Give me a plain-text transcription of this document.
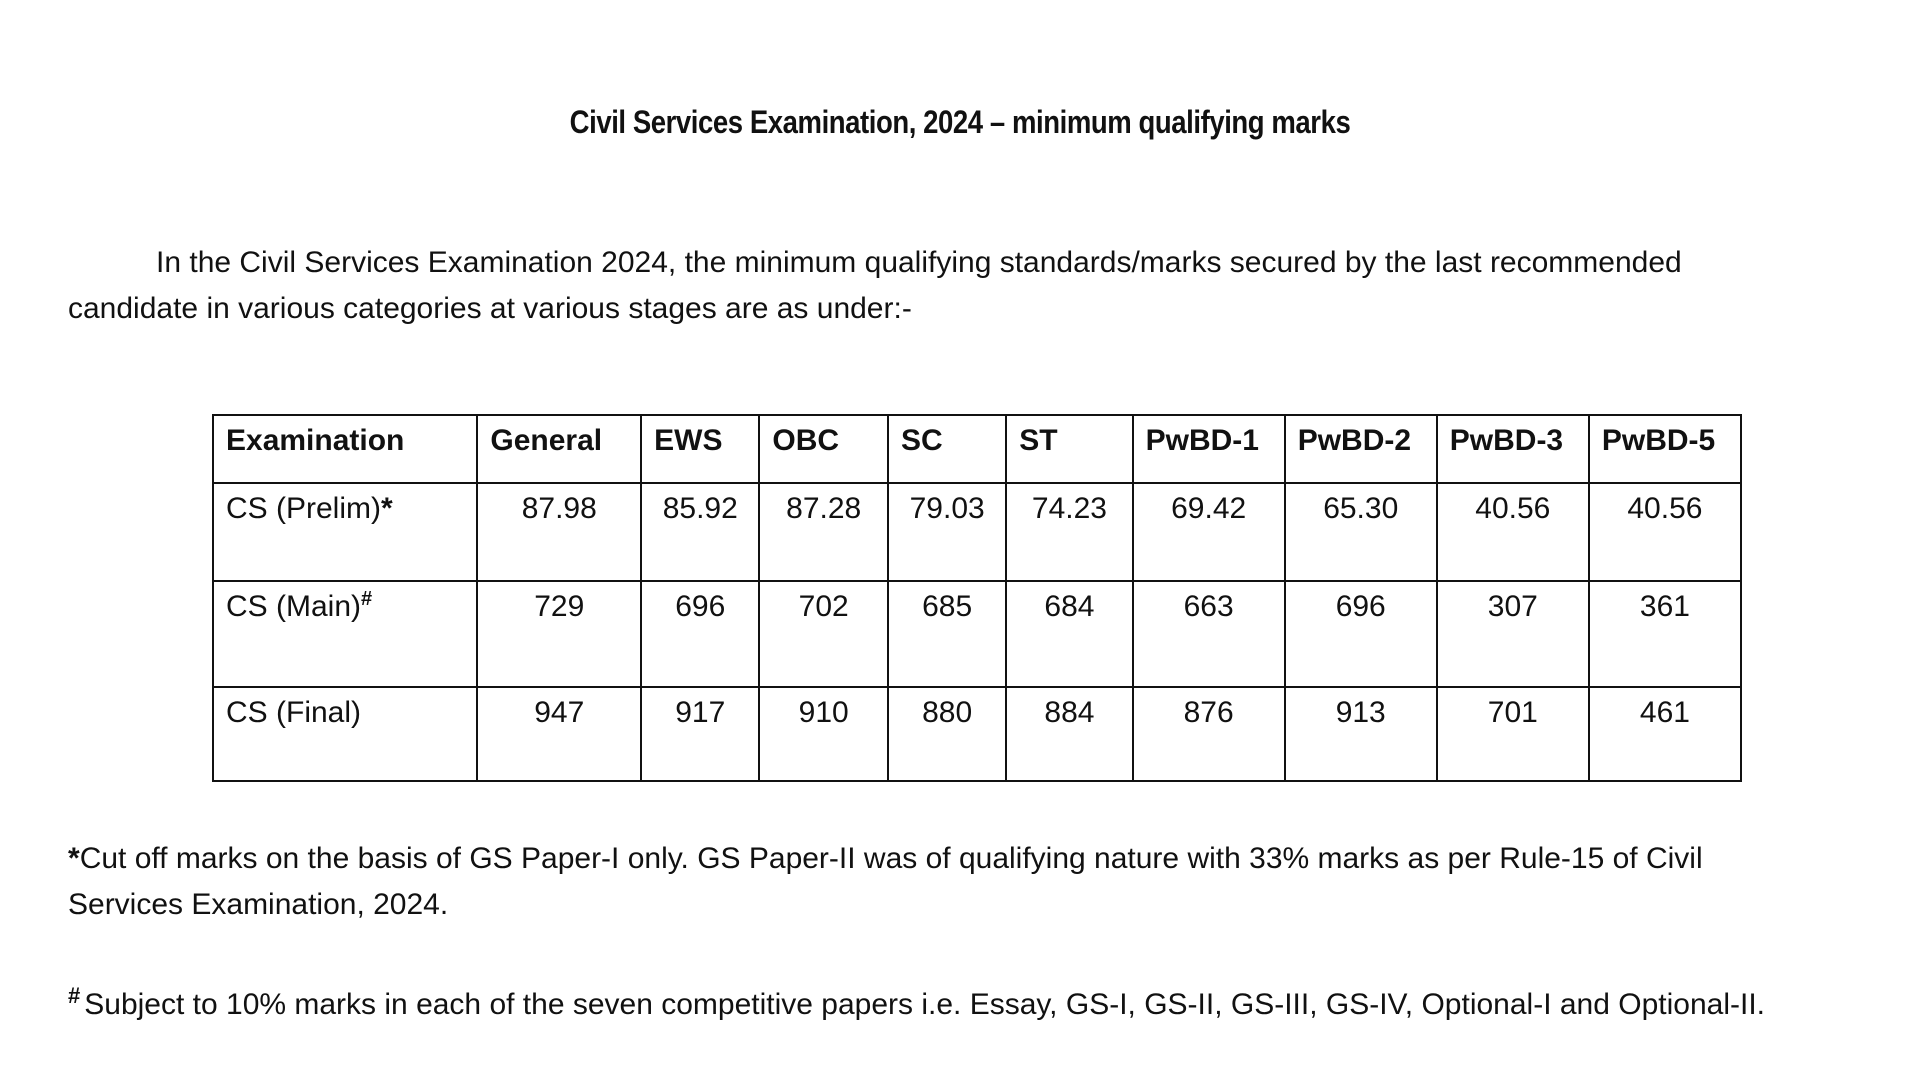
Civil Services Examination, 2024 – minimum qualifying marks

In the Civil Services Examination 2024, the minimum qualifying standards/marks secured by the last recommended candidate in various categories at various stages are as under:-

Examination	General	EWS	OBC	SC	ST	PwBD-1	PwBD-2	PwBD-3	PwBD-5
CS (Prelim)*	87.98	85.92	87.28	79.03	74.23	69.42	65.30	40.56	40.56
CS (Main)#	729	696	702	685	684	663	696	307	361
CS (Final)	947	917	910	880	884	876	913	701	461

*Cut off marks on the basis of GS Paper-I only. GS Paper-II was of qualifying nature with 33% marks as per Rule-15 of Civil Services Examination, 2024.

# Subject to 10% marks in each of the seven competitive papers i.e. Essay, GS-I, GS-II, GS-III, GS-IV, Optional-I and Optional-II.
